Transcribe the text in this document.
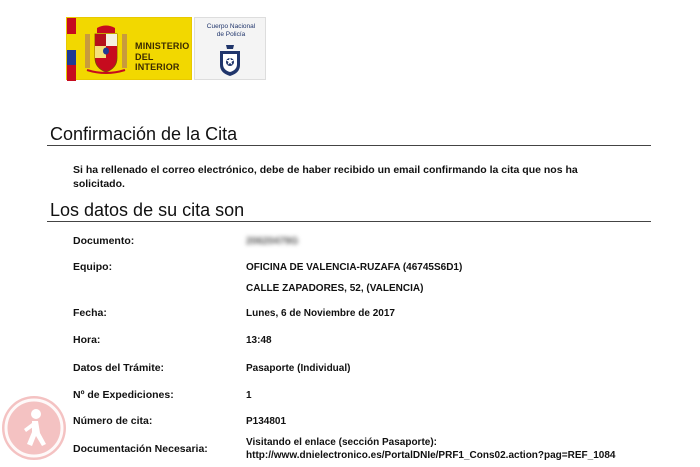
MINISTERIO
DEL INTERIOR
Cuerpo Nacional
de Policía
Confirmación de la Cita
Si ha rellenado el correo electrónico, debe de haber recibido un email confirmando la cita que nos ha
solicitado.
Los datos de su cita son
Documento:	20620479G
Equipo:	OFICINA DE VALENCIA-RUZAFA (46745S6D1)
CALLE ZAPADORES, 52, (VALENCIA)
Fecha:	Lunes, 6 de Noviembre de 2017
Hora:	13:48
Datos del Trámite:	Pasaporte (Individual)
Nº de Expediciones:	1
Número de cita:	P134801
Documentación Necesaria:
Visitando el enlace (sección Pasaporte):
http://www.dnielectronico.es/PortalDNIe/PRF1_Cons02.action?pag=REF_1084
